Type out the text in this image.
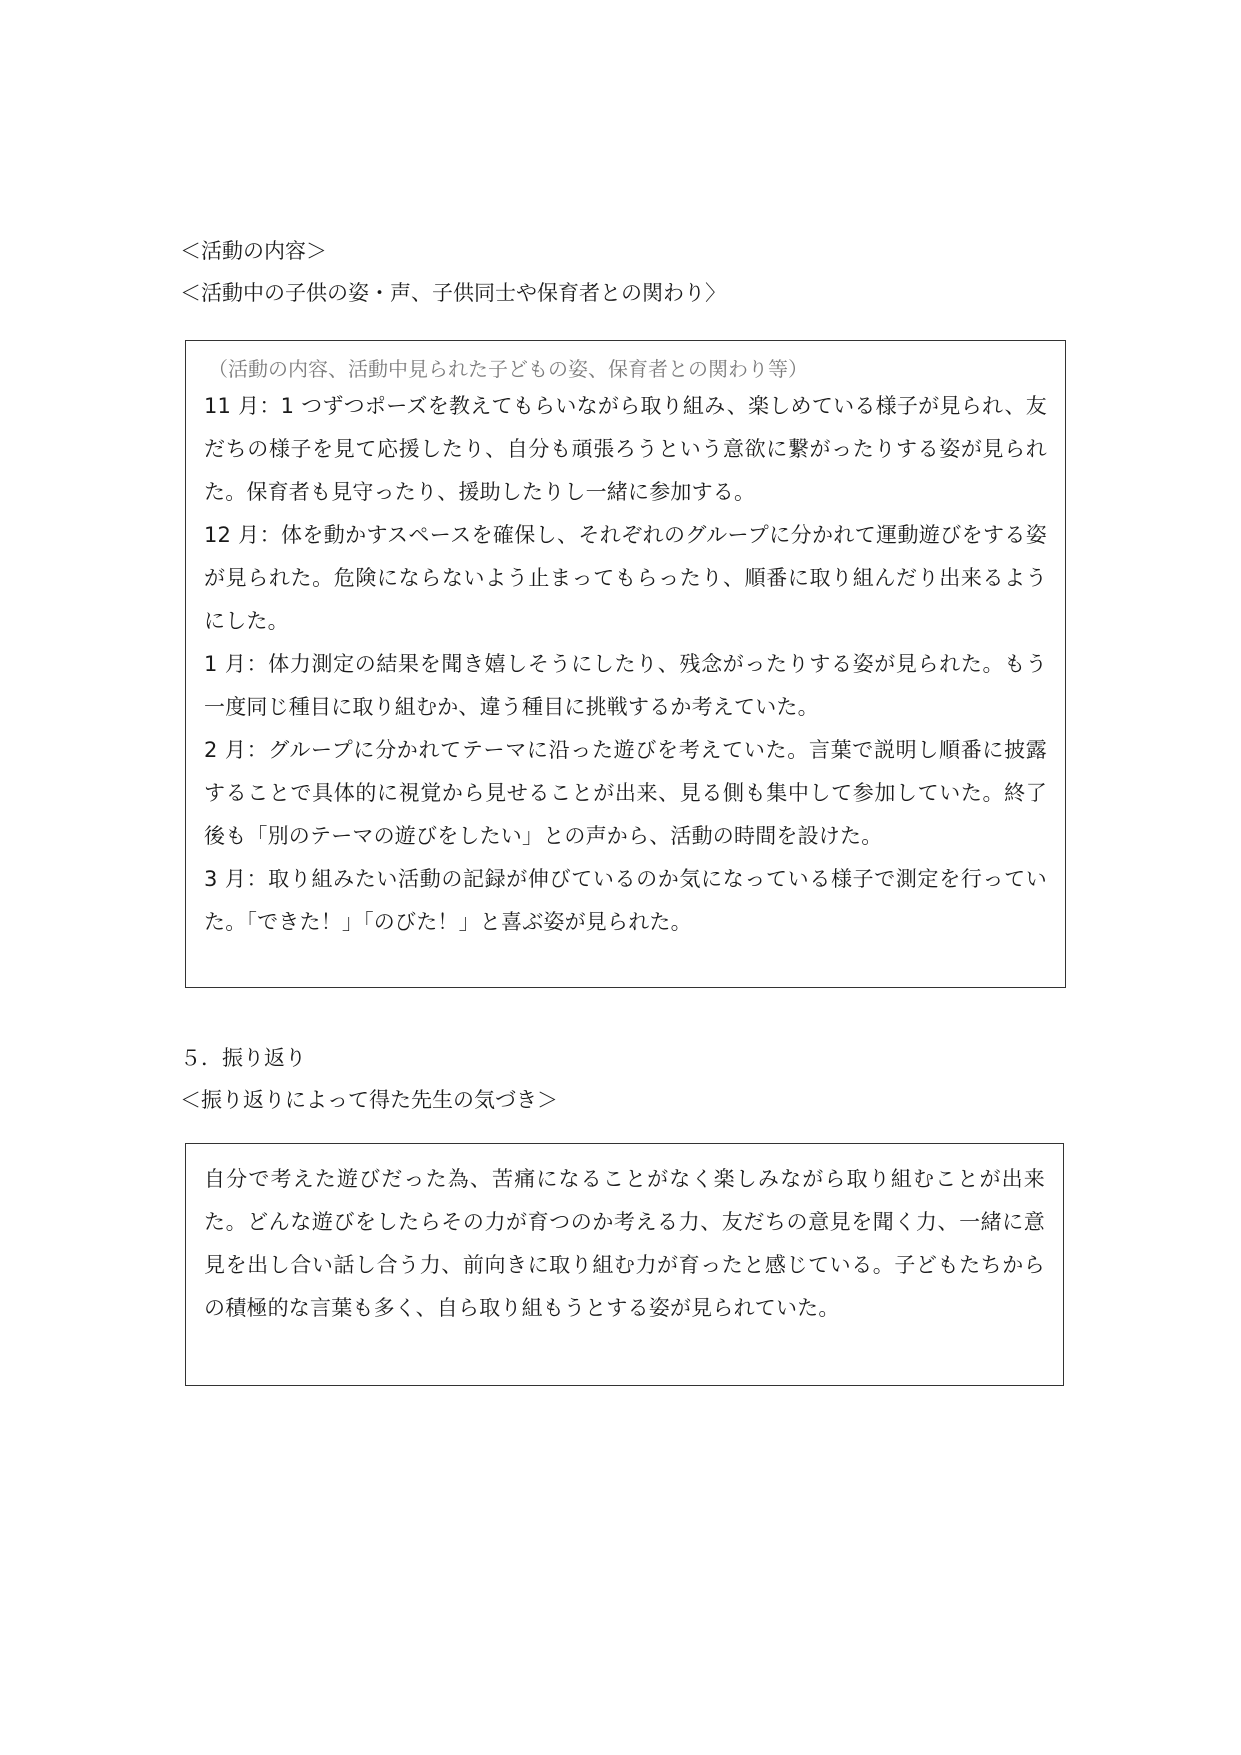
＜活動の内容＞
＜活動中の子供の姿・声、子供同士や保育者との関わり〉
（活動の内容、活動中見られた子どもの姿、保育者との関わり等）
11 月：1 つずつポーズを教えてもらいながら取り組み、楽しめている様子が見られ、友だちの様子を見て応援したり、自分も頑張ろうという意欲に繋がったりする姿が見られた。保育者も見守ったり、援助したりし一緒に参加する。
12 月：体を動かすスペースを確保し、それぞれのグループに分かれて運動遊びをする姿が見られた。危険にならないよう止まってもらったり、順番に取り組んだり出来るようにした。
1 月：体力測定の結果を聞き嬉しそうにしたり、残念がったりする姿が見られた。もう一度同じ種目に取り組むか、違う種目に挑戦するか考えていた。
2 月：グループに分かれてテーマに沿った遊びを考えていた。言葉で説明し順番に披露することで具体的に視覚から見せることが出来、見る側も集中して参加していた。終了後も「別のテーマの遊びをしたい」との声から、活動の時間を設けた。
3 月：取り組みたい活動の記録が伸びているのか気になっている様子で測定を行っていた。「できた！」「のびた！」と喜ぶ姿が見られた。
５．振り返り
＜振り返りによって得た先生の気づき＞
自分で考えた遊びだった為、苦痛になることがなく楽しみながら取り組むことが出来た。どんな遊びをしたらその力が育つのか考える力、友だちの意見を聞く力、一緒に意見を出し合い話し合う力、前向きに取り組む力が育ったと感じている。子どもたちからの積極的な言葉も多く、自ら取り組もうとする姿が見られていた。
